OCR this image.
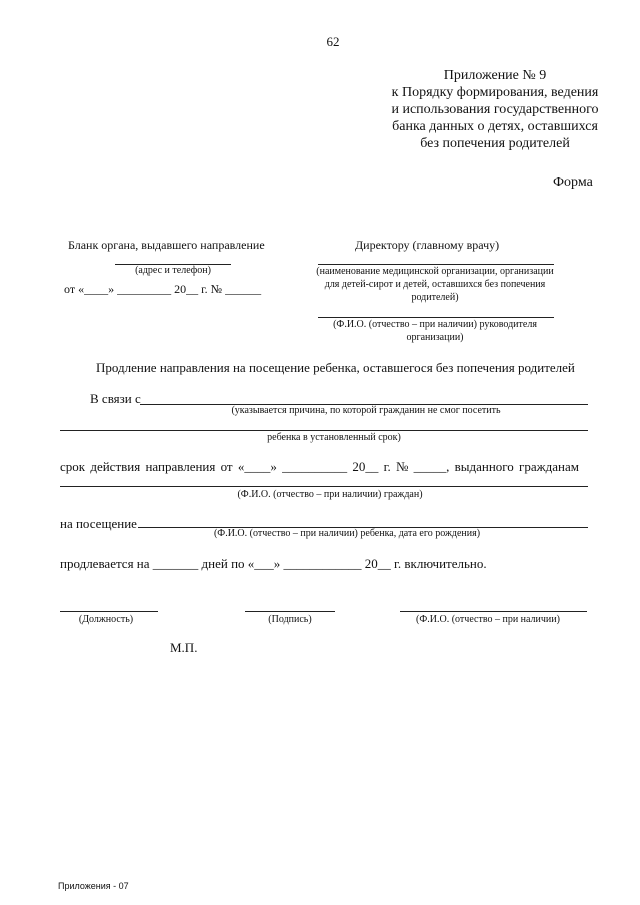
62
Приложение № 9
к Порядку формирования, ведения
и использования государственного
банка данных о детях, оставшихся
без попечения родителей
Форма
Бланк органа, выдавшего направление
(адрес и телефон)
от «____» _________ 20__ г. № ______
Директору (главному врачу)
(наименование медицинской организации, организации
для детей-сирот и детей, оставшихся без попечения
родителей)
(Ф.И.О. (отчество – при наличии) руководителя
организации)
Продление направления на посещение ребенка, оставшегося без попечения родителей
В связи с
(указывается причина, по которой гражданин не смог посетить
ребенка в установленный срок)
срок действия направления от «____» __________ 20__ г. № _____, выданного гражданам
(Ф.И.О. (отчество – при наличии) граждан)
на посещение
(Ф.И.О. (отчество – при наличии) ребенка, дата его рождения)
продлевается на _______ дней по «___» ____________ 20__ г. включительно.
(Должность)	(Подпись)	(Ф.И.О. (отчество – при наличии)
М.П.
Приложения - 07
